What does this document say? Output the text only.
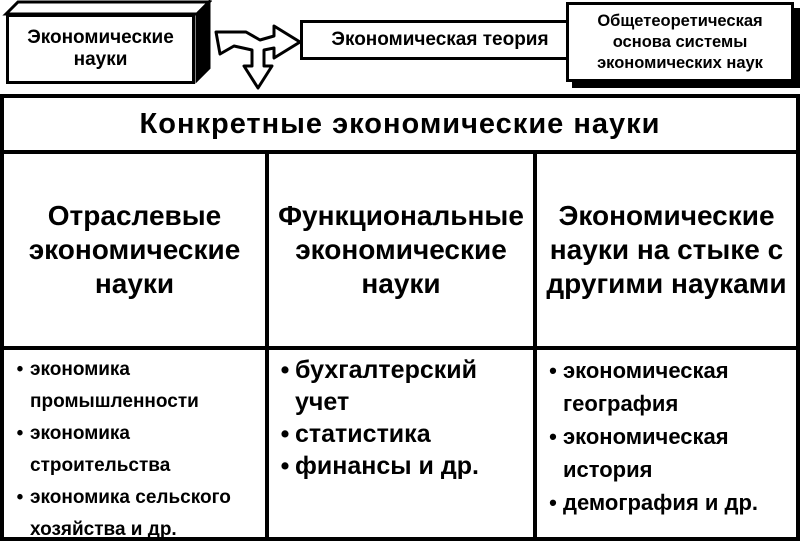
Экономические науки
Экономическая теория
Общетеоретическая основа системы экономических наук
Конкретные экономические науки
Отраслевые экономические науки
• экономика промышленности
• экономика строительства
• экономика сельского хозяйства и др.
Функциональные экономические науки
• бухгалтерский учет
• статистика
• финансы и др.
Экономические науки на стыке с другими науками
• экономическая география
• экономическая история
• демография и др.
